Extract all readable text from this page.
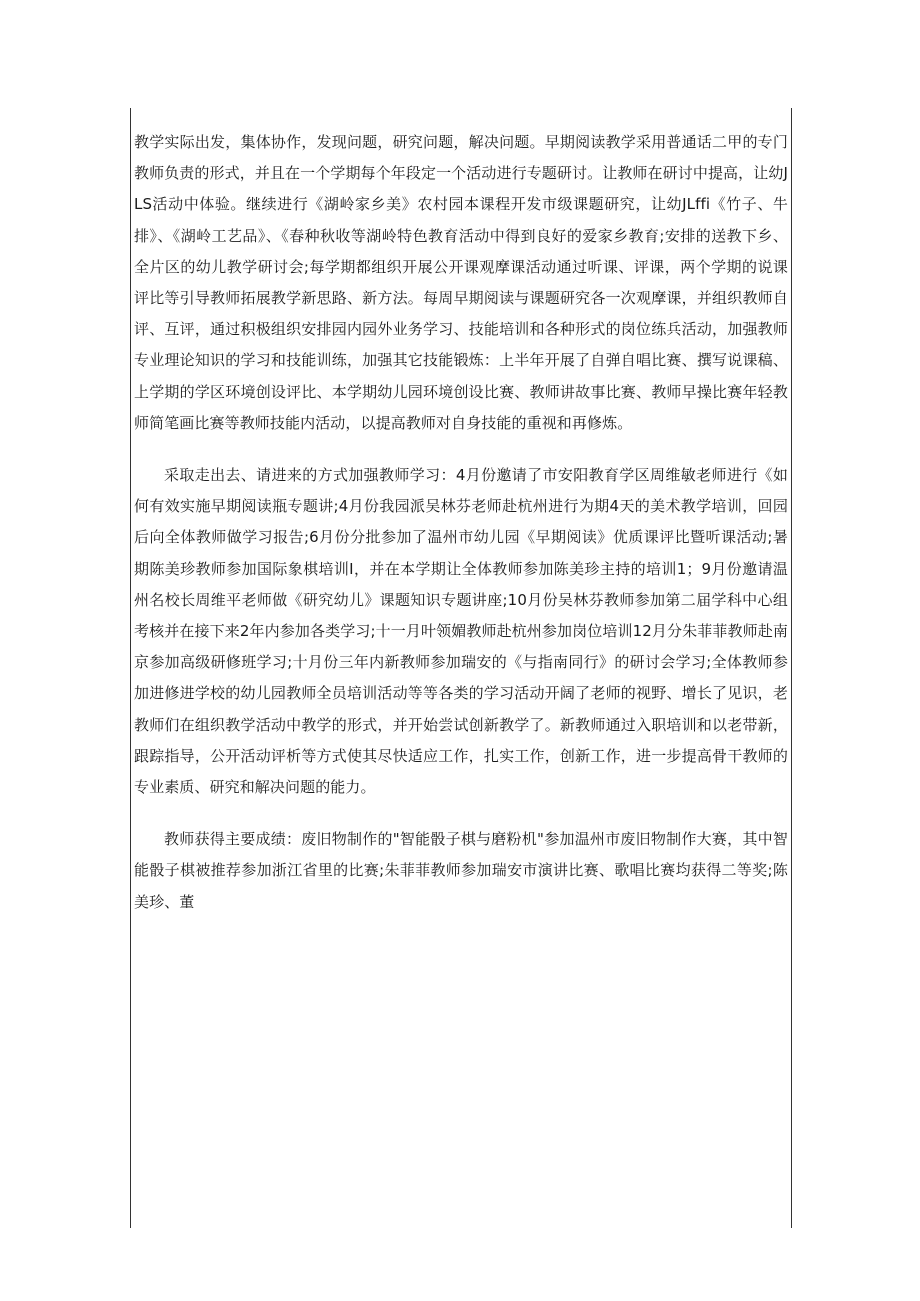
教学实际出发，集体协作，发现问题，研究问题，解决问题。早期阅读教学采用普通话二甲的专门教师负责的形式，并且在一个学期每个年段定一个活动进行专题研讨。让教师在研讨中提高，让幼JLS活动中体验。继续进行《湖岭家乡美》农村园本课程开发市级课题研究，让幼JLffi《竹子、牛排》、《湖岭工艺品》、《春种秋收等湖岭特色教育活动中得到良好的爱家乡教育;安排的送教下乡、全片区的幼儿教学研讨会;每学期都组织开展公开课观摩课活动通过听课、评课，两个学期的说课评比等引导教师拓展教学新思路、新方法。每周早期阅读与课题研究各一次观摩课，并组织教师自评、互评，通过积极组织安排园内园外业务学习、技能培训和各种形式的岗位练兵活动，加强教师专业理论知识的学习和技能训练，加强其它技能锻炼：上半年开展了自弹自唱比赛、撰写说课稿、上学期的学区环境创设评比、本学期幼儿园环境创设比赛、教师讲故事比赛、教师早操比赛年轻教师简笔画比赛等教师技能内活动，以提高教师对自身技能的重视和再修炼。

采取走出去、请进来的方式加强教师学习：4月份邀请了市安阳教育学区周维敏老师进行《如何有效实施早期阅读瓶专题讲;4月份我园派吴林芬老师赴杭州进行为期4天的美术教学培训，回园后向全体教师做学习报告;6月份分批参加了温州市幼儿园《早期阅读》优质课评比暨听课活动;暑期陈美珍教师参加国际象棋培训I，并在本学期让全体教师参加陈美珍主持的培训1；9月份邀请温州名校长周维平老师做《研究幼儿》课题知识专题讲座;10月份吴林芬教师参加第二届学科中心组考核并在接下来2年内参加各类学习;十一月叶领媚教师赴杭州参加岗位培训12月分朱菲菲教师赴南京参加高级研修班学习;十月份三年内新教师参加瑞安的《与指南同行》的研讨会学习;全体教师参加进修进学校的幼儿园教师全员培训活动等等各类的学习活动开阔了老师的视野、增长了见识，老教师们在组织教学活动中教学的形式，并开始尝试创新教学了。新教师通过入职培训和以老带新，跟踪指导，公开活动评析等方式使其尽快适应工作，扎实工作，创新工作，进一步提高骨干教师的专业素质、研究和解决问题的能力。

教师获得主要成绩：废旧物制作的"智能骰子棋与磨粉机"参加温州市废旧物制作大赛，其中智能骰子棋被推荐参加浙江省里的比赛;朱菲菲教师参加瑞安市演讲比赛、歌唱比赛均获得二等奖;陈美珍、董
